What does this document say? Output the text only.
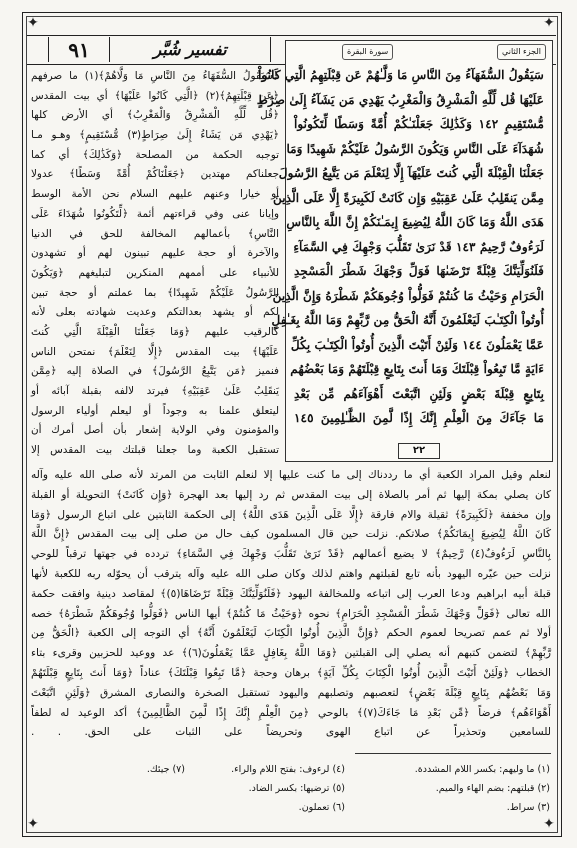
✦	✦
✦	✦
٩١	تفسير شُبَّر	سورة البقرة	الجزء الثاني
سَيَقُولُ السُّفَهَآءُ مِنَ النَّاسِ مَا وَلَّـٰهُمْ عَن قِبْلَتِهِمُ الَّتِي كَانُواْ
عَلَيْهَا قُل لِّلَّهِ الْمَشْرِقُ وَالْمَغْرِبُ يَهْدِي مَن يَشَآءُ إِلَىٰ صِرَٰطٍ
مُّسْتَقِيمٍ ١٤٢ وَكَذَٰلِكَ جَعَلْنَـٰكُمْ أُمَّةً وَسَطًا لِّتَكُونُواْ
شُهَدَآءَ عَلَى النَّاسِ وَيَكُونَ الرَّسُولُ عَلَيْكُمْ شَهِيدًا وَمَا
جَعَلْنَا الْقِبْلَةَ الَّتِي كُنتَ عَلَيْهَآ إِلَّا لِنَعْلَمَ مَن يَتَّبِعُ الرَّسُولَ
مِمَّن يَنقَلِبُ عَلَىٰ عَقِبَيْهِ وَإِن كَانَتْ لَكَبِيرَةً إِلَّا عَلَى الَّذِينَ
هَدَى اللَّهُ وَمَا كَانَ اللَّهُ لِيُضِيعَ إِيمَـٰنَكُمْ إِنَّ اللَّهَ بِالنَّاسِ
لَرَءُوفٌ رَّحِيمٌ ١٤٣ قَدْ نَرَىٰ تَقَلُّبَ وَجْهِكَ فِي السَّمَآءِ
فَلَنُوَلِّيَنَّكَ قِبْلَةً تَرْضَىٰهَا فَوَلِّ وَجْهَكَ شَطْرَ الْمَسْجِدِ
الْحَرَامِ وَحَيْثُ مَا كُنتُمْ فَوَلُّواْ وُجُوهَكُمْ شَطْرَهُ وَإِنَّ الَّذِينَ
أُوتُواْ الْكِتَـٰبَ لَيَعْلَمُونَ أَنَّهُ الْحَقُّ مِن رَّبِّهِمْ وَمَا اللَّهُ بِغَـٰفِلٍ
عَمَّا يَعْمَلُونَ ١٤٤ وَلَئِنْ أَتَيْتَ الَّذِينَ أُوتُواْ الْكِتَـٰبَ بِكُلِّ
ءَايَةٍ مَّا تَبِعُواْ قِبْلَتَكَ وَمَا أَنتَ بِتَابِعٍ قِبْلَتَهُمْ وَمَا بَعْضُهُم
بِتَابِعٍ قِبْلَةَ بَعْضٍ وَلَئِنِ اتَّبَعْتَ أَهْوَآءَهُم مِّن بَعْدِ
مَا جَآءَكَ مِنَ الْعِلْمِ إِنَّكَ إِذًا لَّمِنَ الظَّـٰلِمِينَ ١٤٥
٢٢
﴿سَيَقُولُ السُّفَهَاءُ مِنَ النَّاسِ مَا وَلَّاهُمْ﴾(١) ما صرفهم
﴿عَن قِبْلَتِهِمُ﴾(٢) ﴿الَّتِي كَانُوا عَلَيْهَا﴾ أي بيت المقدس
﴿قُل لِّلَّهِ الْمَشْرِقُ وَالْمَغْرِبُ﴾ أي الأرض كلها
﴿يَهْدِي مَن يَشَاءُ إِلَىٰ صِرَاطٍ(٣) مُّسْتَقِيمٍ﴾ وهـو مـا
توجبه الحكمة من المصلحة ﴿وَكَذَٰلِكَ﴾ أي كما
جعلناكم مهتدين ﴿جَعَلْنَاكُمْ أُمَّةً وَسَطًا﴾ عدولا
أو خيارا وعنهم عليهم السلام نحن الأمة الوسط
وإيانا عنى وفي قراءتهم أئمة ﴿لِّتَكُونُوا شُهَدَاءَ عَلَى
النَّاسِ﴾ بأعمالهم المخالفة للحق في الدنيا
والآخرة أو حجة عليهم تبينون لهم أو تشهدون
للأنبياء على أممهم المنكرين لتبليغهم ﴿وَيَكُونَ
الرَّسُولُ عَلَيْكُمْ شَهِيدًا﴾ بما عملتم أو حجة تبين
لكم أو يشهد بعدالتكم وعديت شهادته بعلى لأنه
كالرقيب عليهم ﴿وَمَا جَعَلْنَا الْقِبْلَةَ الَّتِي كُنتَ
عَلَيْهَا﴾ بيت المقدس ﴿إِلَّا لِنَعْلَمَ﴾ نمتحن الناس
فنميز ﴿مَن يَتَّبِعُ الرَّسُولَ﴾ في الصلاة إليه ﴿مِمَّن
يَنقَلِبُ عَلَىٰ عَقِبَيْهِ﴾ فيرتد لالفه بقبلة آبائه أو
ليتعلق علمنا به وجوداً أو ليعلم أولياء الرسول
والمؤمنون وفي الولاية إشعار بأن أصل أمرك أن
تستقبل الكعبة وما جعلنا قبلتك بيت المقدس إلا
لنعلم وقيل المراد الكعبة أي ما رددناك إلى ما كنت عليها إلا لنعلم الثابت من المرتد لأنه صلى الله عليه وآله
كان يصلي بمكة إليها ثم أمر بالصلاة إلى بيت المقدس ثم رد إليها بعد الهجرة ﴿وَإِن كَانَتْ﴾ التحويلة أو القبلة
وإن مخففة ﴿لَكَبِيرَةً﴾ ثقيلة والام فارقة ﴿إِلَّا عَلَى الَّذِينَ هَدَى اللَّهُ﴾ إلى الحكمة الثابتين على اتباع الرسول ﴿وَمَا
كَانَ اللَّهُ لِيُضِيعَ إِيمَانَكُمْ﴾ صلاتكم. نزلت حين قال المسلمون كيف حال من صلى إلى بيت المقدس ﴿إِنَّ اللَّهَ
بِالنَّاسِ لَرَءُوفٌ(٤) رَّحِيمٌ﴾ لا يضيع أعمالهم ﴿قَدْ نَرَىٰ تَقَلُّبَ وَجْهِكَ فِي السَّمَاءِ﴾ تردده في جهتها ترقباً للوحي
نزلت حين عيّره اليهود بأنه تابع لقبلتهم واهتم لذلك وكان صلى الله عليه وآله يترقب أن يحوّله ربه للكعبة لأنها
قبلة أبيه ابراهيم ودعا العرب إلى اتباعه وللمخالفة اليهود ﴿فَلَنُوَلِّيَنَّكَ قِبْلَةً تَرْضَاهَا(٥)﴾ لمقاصد دينية وافقت حكمة
الله تعالى ﴿فَوَلِّ وَجْهَكَ شَطْرَ الْمَسْجِدِ الْحَرَامِ﴾ نحوه ﴿وَحَيْثُ مَا كُنتُمْ﴾ أيها الناس ﴿فَوَلُّوا وُجُوهَكُمْ شَطْرَهُ﴾ خصه
أولا ثم عمم تصريحا لعموم الحكم ﴿وَإِنَّ الَّذِينَ أُوتُوا الْكِتَابَ لَيَعْلَمُونَ أَنَّهُ﴾ أي التوجه إلى الكعبة ﴿الْحَقُّ مِن
رَّبِّهِمْ﴾ لتضمن كتبهم أنه يصلي إلى القبلتين ﴿وَمَا اللَّهُ بِغَافِلٍ عَمَّا يَعْمَلُونَ(٦)﴾ عد ووعيد للحزبين وقرىء بتاء
الخطاب ﴿وَلَئِنْ أَتَيْتَ الَّذِينَ أُوتُوا الْكِتَابَ بِكُلِّ آيَةٍ﴾ برهان وحجة ﴿مَّا تَبِعُوا قِبْلَتَكَ﴾ عناداً ﴿وَمَا أَنتَ بِتَابِعٍ قِبْلَتَهُمْ
وَمَا بَعْضُهُم بِتَابِعٍ قِبْلَةَ بَعْضٍ﴾ لتعصبهم وتصلبهم واليهود تستقبل الصخرة والنصارى المشرق ﴿وَلَئِنِ اتَّبَعْتَ
أَهْوَاءَهُم﴾ فرضاً ﴿مِّن بَعْدِ مَا جَاءَكَ(٧)﴾ بالوحي ﴿مِنَ الْعِلْمِ إِنَّكَ إِذًا لَّمِنَ الظَّالِمِينَ﴾ أكد الوعيد له لطفاً
للسامعين وتحذيراً عن اتباع الهوى وتحريضاً على الثبات على الحق. . .
(١) ما وليهم: بكسر اللام المشددة.
(٤) لرءوف: بفتح اللام والراء.
(٧) جيئك.
(٢) قبلتهم: بضم الهاء والميم.
(٥) ترضيها: بكسر الضاد.
(٣) سراط.
(٦) تعملون.
